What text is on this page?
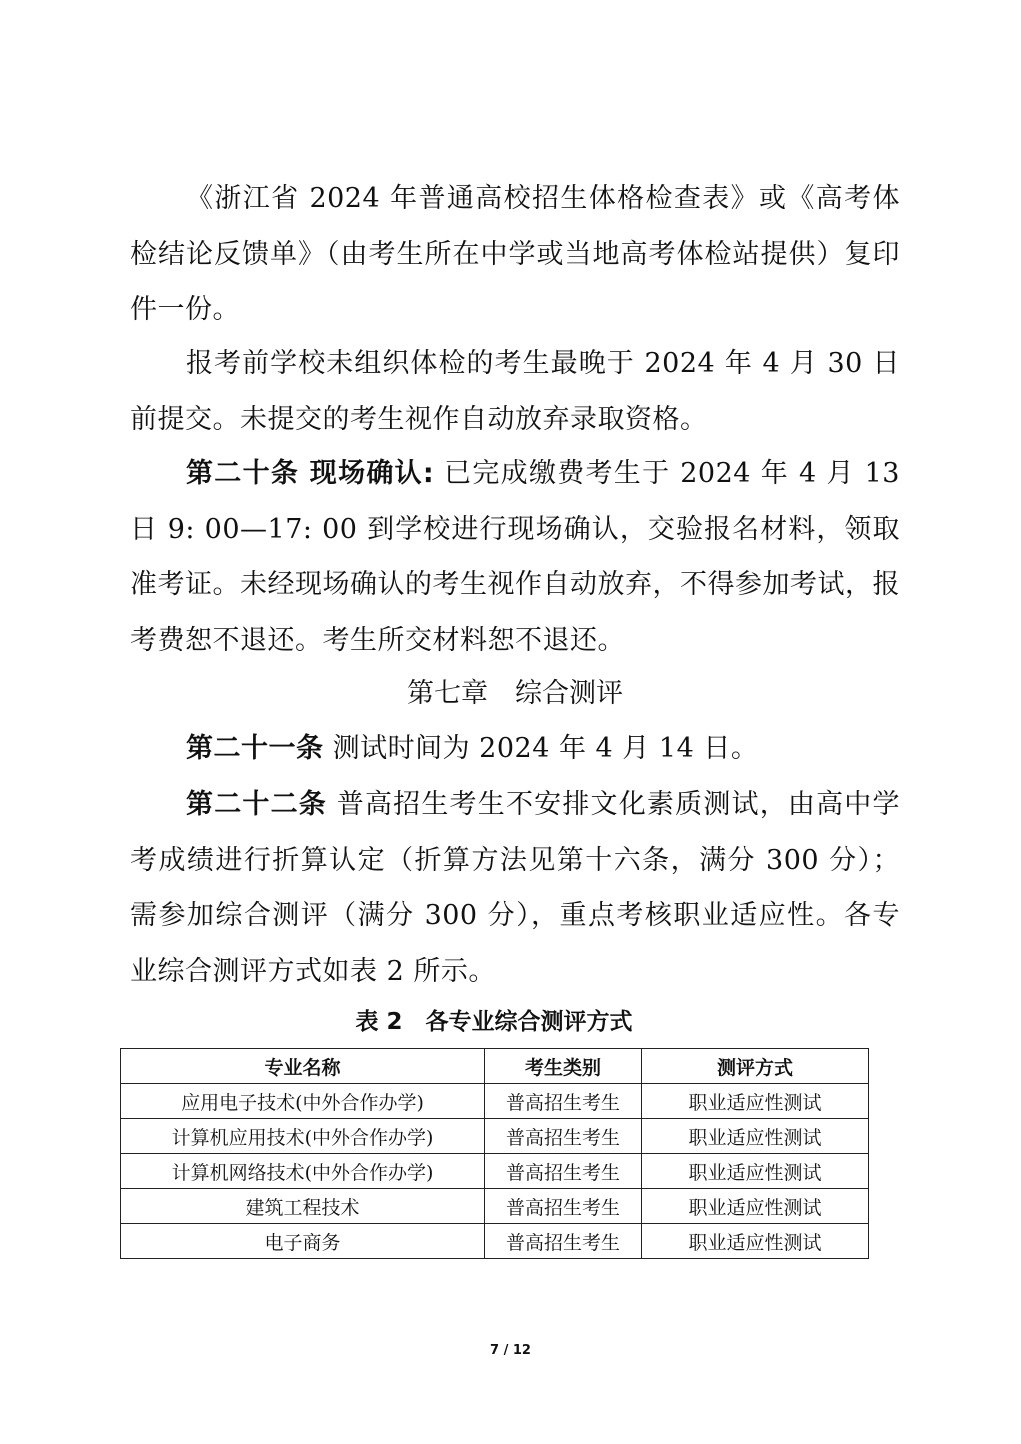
《浙江省 2024 年普通高校招生体格检查表》或《高考体检结论反馈单》（由考生所在中学或当地高考体检站提供）复印件一份。

报考前学校未组织体检的考生最晚于 2024 年 4 月 30 日前提交。未提交的考生视作自动放弃录取资格。

第二十条 现场确认: 已完成缴费考生于 2024 年 4 月 13 日 9: 00—17: 00 到学校进行现场确认，交验报名材料，领取准考证。未经现场确认的考生视作自动放弃，不得参加考试，报考费恕不退还。考生所交材料恕不退还。

第七章　综合测评

第二十一条 测试时间为 2024 年 4 月 14 日。

第二十二条 普高招生考生不安排文化素质测试，由高中学考成绩进行折算认定（折算方法见第十六条，满分 300 分）；需参加综合测评（满分 300 分），重点考核职业适应性。各专业综合测评方式如表 2 所示。

表 2　各专业综合测评方式
专业名称	考生类别	测评方式
应用电子技术(中外合作办学)	普高招生考生	职业适应性测试
计算机应用技术(中外合作办学)	普高招生考生	职业适应性测试
计算机网络技术(中外合作办学)	普高招生考生	职业适应性测试
建筑工程技术	普高招生考生	职业适应性测试
电子商务	普高招生考生	职业适应性测试
7 / 12
